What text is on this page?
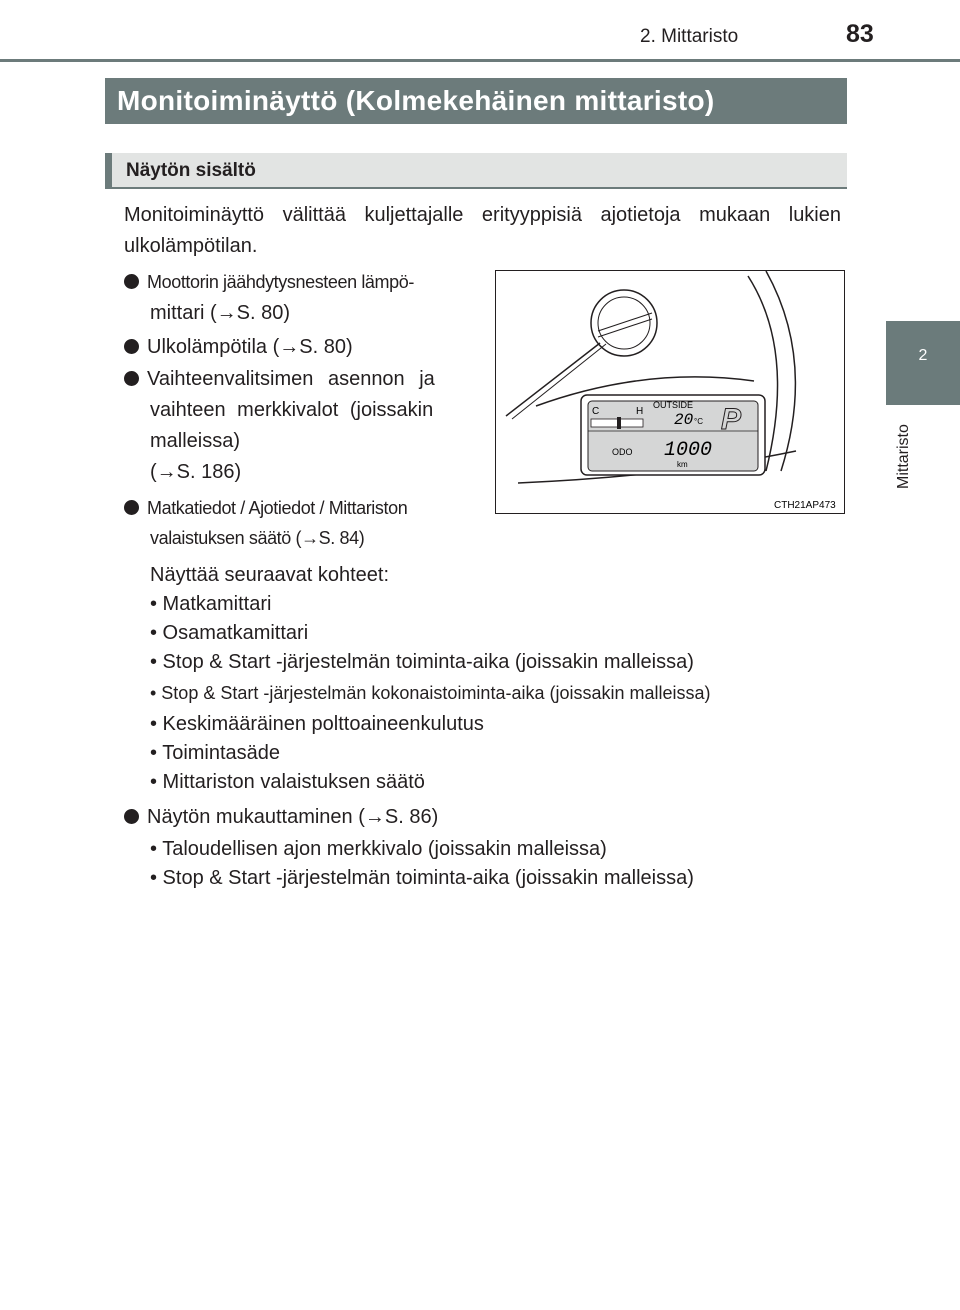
2. Mittaristo	83
2
Mittaristo
Monitoiminäyttö (Kolmekehäinen mittaristo)
Näytön sisältö
Monitoiminäyttö välittää kuljettajalle erityyppisiä ajotietoja mukaan lukien ulkolämpötilan.
Moottorin jäähdytysnesteen lämpö-
mittari (→S. 80)
Ulkolämpötila (→S. 80)
Vaihteenvalitsimen asennon ja
vaihteen merkkivalot (joissakin
malleissa)
(→S. 186)
Matkatiedot / Ajotiedot / Mittariston
valaistuksen säätö (→S. 84)
Näyttää seuraavat kohteet:
• Matkamittari
• Osamatkamittari
• Stop & Start -järjestelmän toiminta-aika (joissakin malleissa)
• Stop & Start -järjestelmän kokonaistoiminta-aika (joissakin malleissa)
• Keskimääräinen polttoaineenkulutus
• Toimintasäde
• Mittariston valaistuksen säätö
Näytön mukauttaminen (→S. 86)
• Taloudellisen ajon merkkivalo (joissakin malleissa)
• Stop & Start -järjestelmän toiminta-aika (joissakin malleissa)
C	H
OUTSIDE
20 °C P
ODO 1000
km
CTH21AP473
